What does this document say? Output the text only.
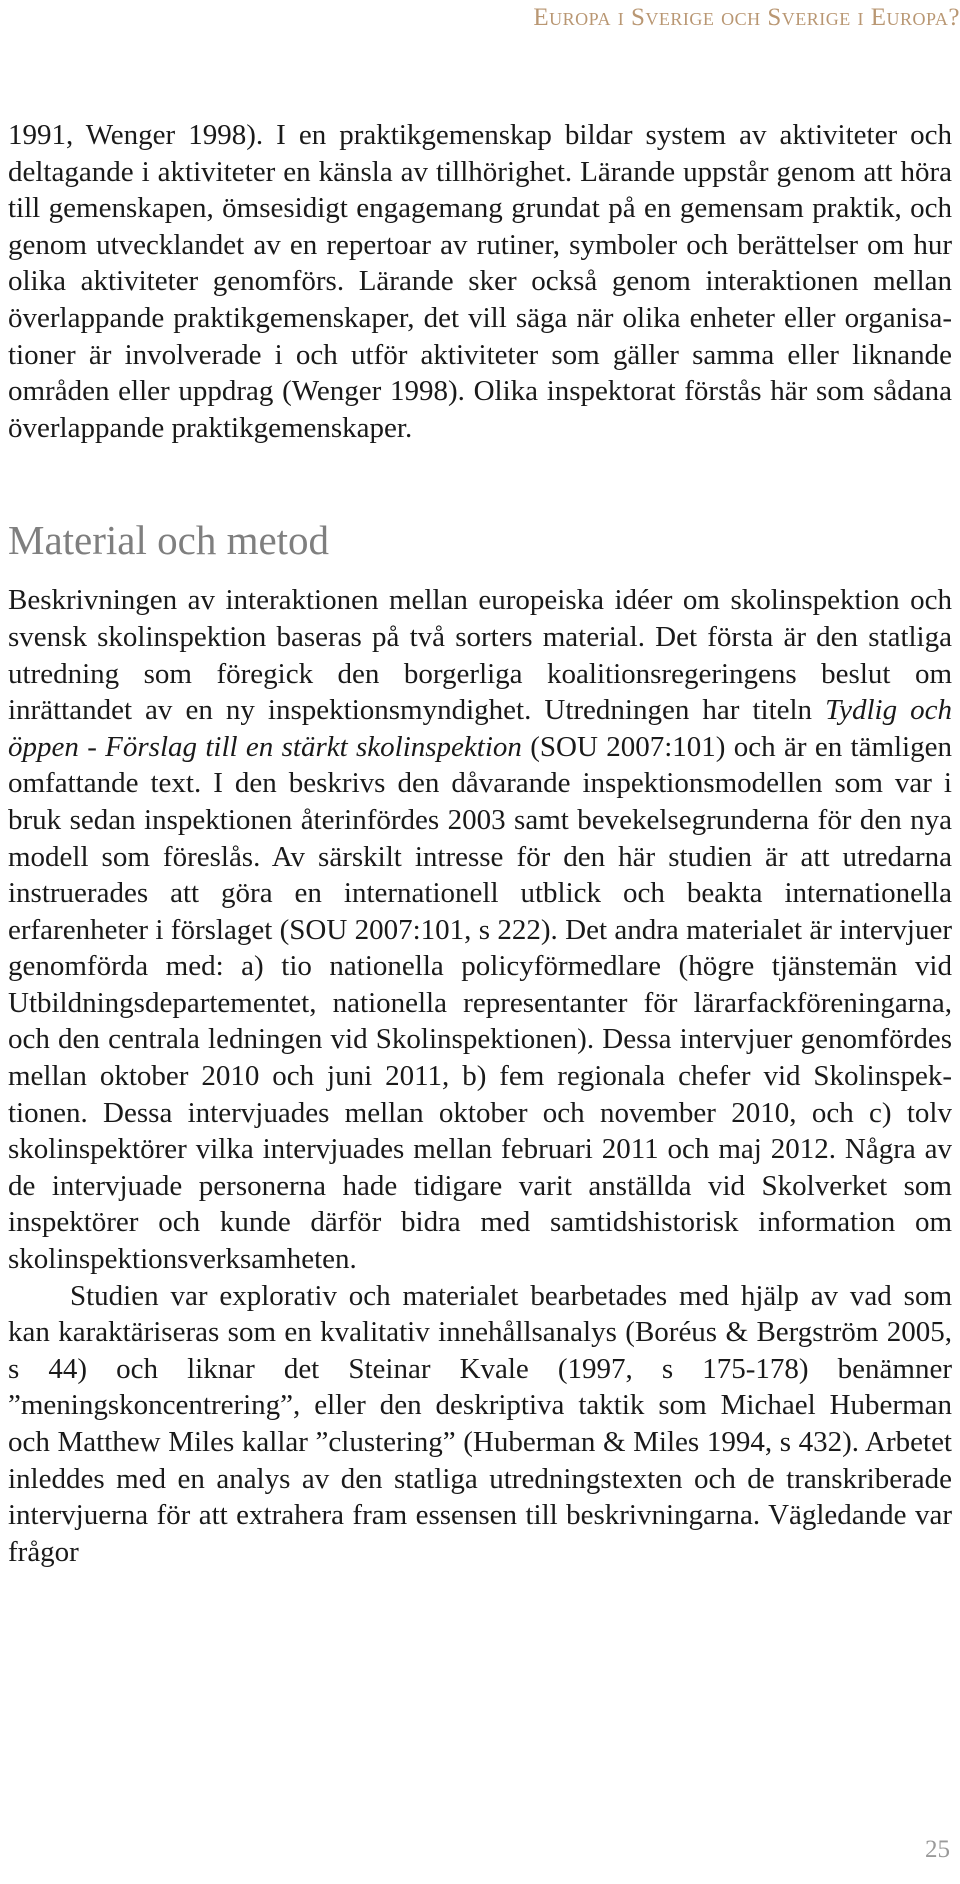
Europa i Sverige och Sverige i Europa?

1991, Wenger 1998). I en praktikgemenskap bildar system av aktiviteter och deltagande i aktiviteter en känsla av tillhörighet. Lärande uppstår genom att höra till gemenskapen, ömsesidigt engagemang grundat på en gemensam praktik, och genom utvecklandet av en repertoar av rutiner, symboler och berättelser om hur olika aktiviteter genomförs. Lärande sker också genom interaktionen mellan överlappande praktikgemenskaper, det vill säga när olika enheter eller organisationer är involverade i och utför aktiviteter som gäller samma eller liknande områden eller uppdrag (Wenger 1998). Olika inspektorat förstås här som sådana överlappande praktikgemenskaper.

Material och metod

Beskrivningen av interaktionen mellan europeiska idéer om skolinspektion och svensk skolinspektion baseras på två sorters material. Det första är den statliga utredning som föregick den borgerliga koalitionsregeringens beslut om inrättandet av en ny inspektionsmyndighet. Utredningen har titeln Tydlig och öppen - Förslag till en stärkt skolinspektion (SOU 2007:101) och är en tämligen omfattande text. I den beskrivs den dåvarande inspektionsmodellen som var i bruk sedan inspektionen återinfördes 2003 samt bevekelsegrunderna för den nya modell som föreslås. Av särskilt intresse för den här studien är att utredarna instruerades att göra en internationell utblick och beakta internationella erfarenheter i förslaget (SOU 2007:101, s 222). Det andra materialet är intervjuer genomförda med: a) tio nationella policyförmedlare (högre tjänstemän vid Utbildningsdepartementet, nationella representanter för lärarfackföreningarna, och den centrala ledningen vid Skolinspektionen). Dessa intervjuer genomfördes mellan oktober 2010 och juni 2011, b) fem regionala chefer vid Skolinspektionen. Dessa intervjuades mellan oktober och november 2010, och c) tolv skolinspektörer vilka intervjuades mellan februari 2011 och maj 2012. Några av de intervjuade personerna hade tidigare varit anställda vid Skolverket som inspektörer och kunde därför bidra med samtidshistorisk information om skolinspektionsverksamheten.

Studien var explorativ och materialet bearbetades med hjälp av vad som kan karaktäriseras som en kvalitativ innehållsanalys (Boréus & Bergström 2005, s 44) och liknar det Steinar Kvale (1997, s 175-178) benämner ”meningskoncentrering”, eller den deskriptiva taktik som Michael Huberman och Matthew Miles kallar ”clustering” (Huberman & Miles 1994, s 432). Arbetet inleddes med en analys av den statliga utredningstexten och de transkriberade intervjuerna för att extrahera fram essensen till beskrivningarna. Vägledande var frågor

25
